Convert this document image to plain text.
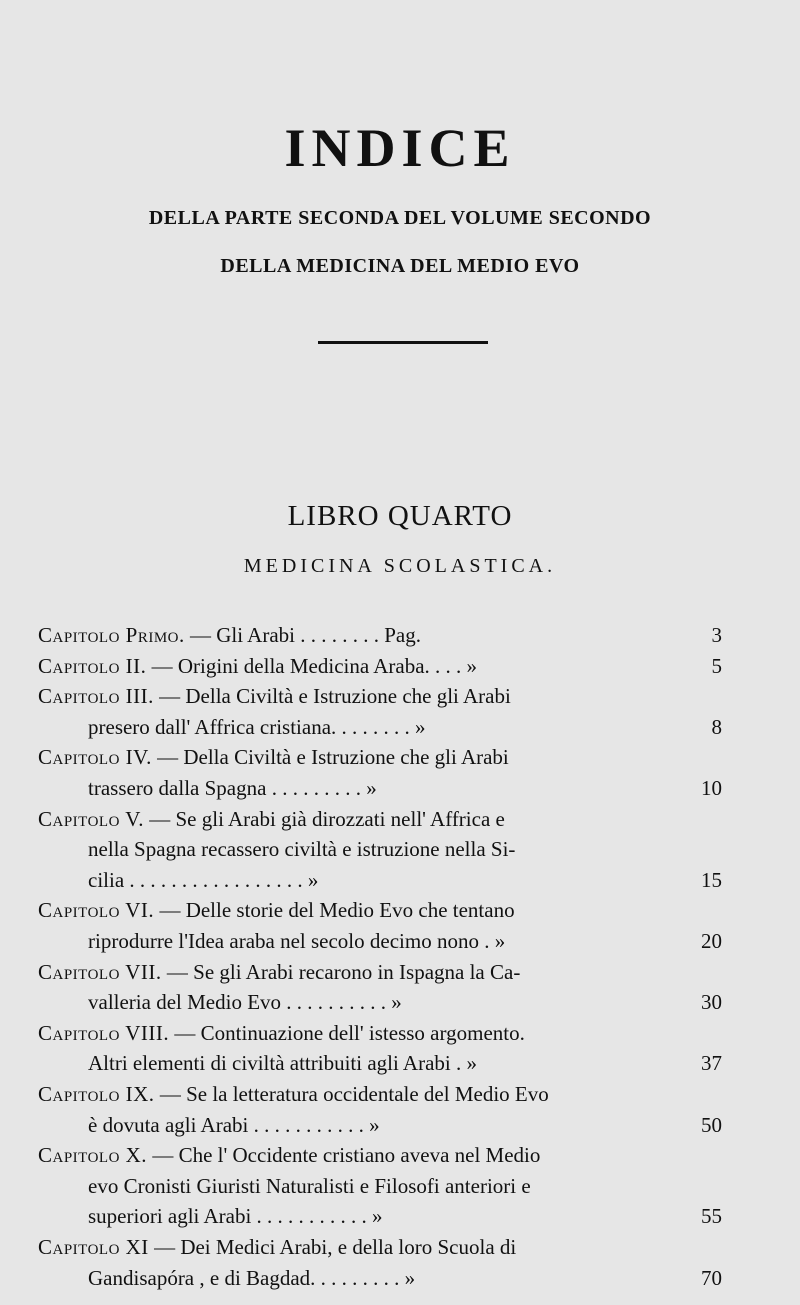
INDICE
DELLA PARTE SECONDA DEL VOLUME SECONDO
DELLA MEDICINA DEL MEDIO EVO
LIBRO QUARTO
MEDICINA SCOLASTICA.
Capitolo Primo. — Gli Arabi . . . . . . . . Pag.	3
Capitolo II. — Origini della Medicina Araba. . . . »	5
Capitolo III. — Della Civiltà e Istruzione che gli Arabi
presero dall' Affrica cristiana. . . . . . . . »	8
Capitolo IV. — Della Civiltà e Istruzione che gli Arabi
trassero dalla Spagna . . . . . . . . . »	10
Capitolo V. — Se gli Arabi già dirozzati nell' Affrica e
nella Spagna recassero civiltà e istruzione nella Si-
cilia . . . . . . . . . . . . . . . . . »	15
Capitolo VI. — Delle storie del Medio Evo che tentano
riprodurre l'Idea araba nel secolo decimo nono . »	20
Capitolo VII. — Se gli Arabi recarono in Ispagna la Ca-
valleria del Medio Evo . . . . . . . . . . »	30
Capitolo VIII. — Continuazione dell' istesso argomento.
Altri elementi di civiltà attribuiti agli Arabi . »	37
Capitolo IX. — Se la letteratura occidentale del Medio Evo
è dovuta agli Arabi . . . . . . . . . . . »	50
Capitolo X. — Che l' Occidente cristiano aveva nel Medio
evo Cronisti Giuristi Naturalisti e Filosofi anteriori e
superiori agli Arabi . . . . . . . . . . . »	55
Capitolo XI — Dei Medici Arabi, e della loro Scuola di
Gandisapóra , e di Bagdad. . . . . . . . . »	70
